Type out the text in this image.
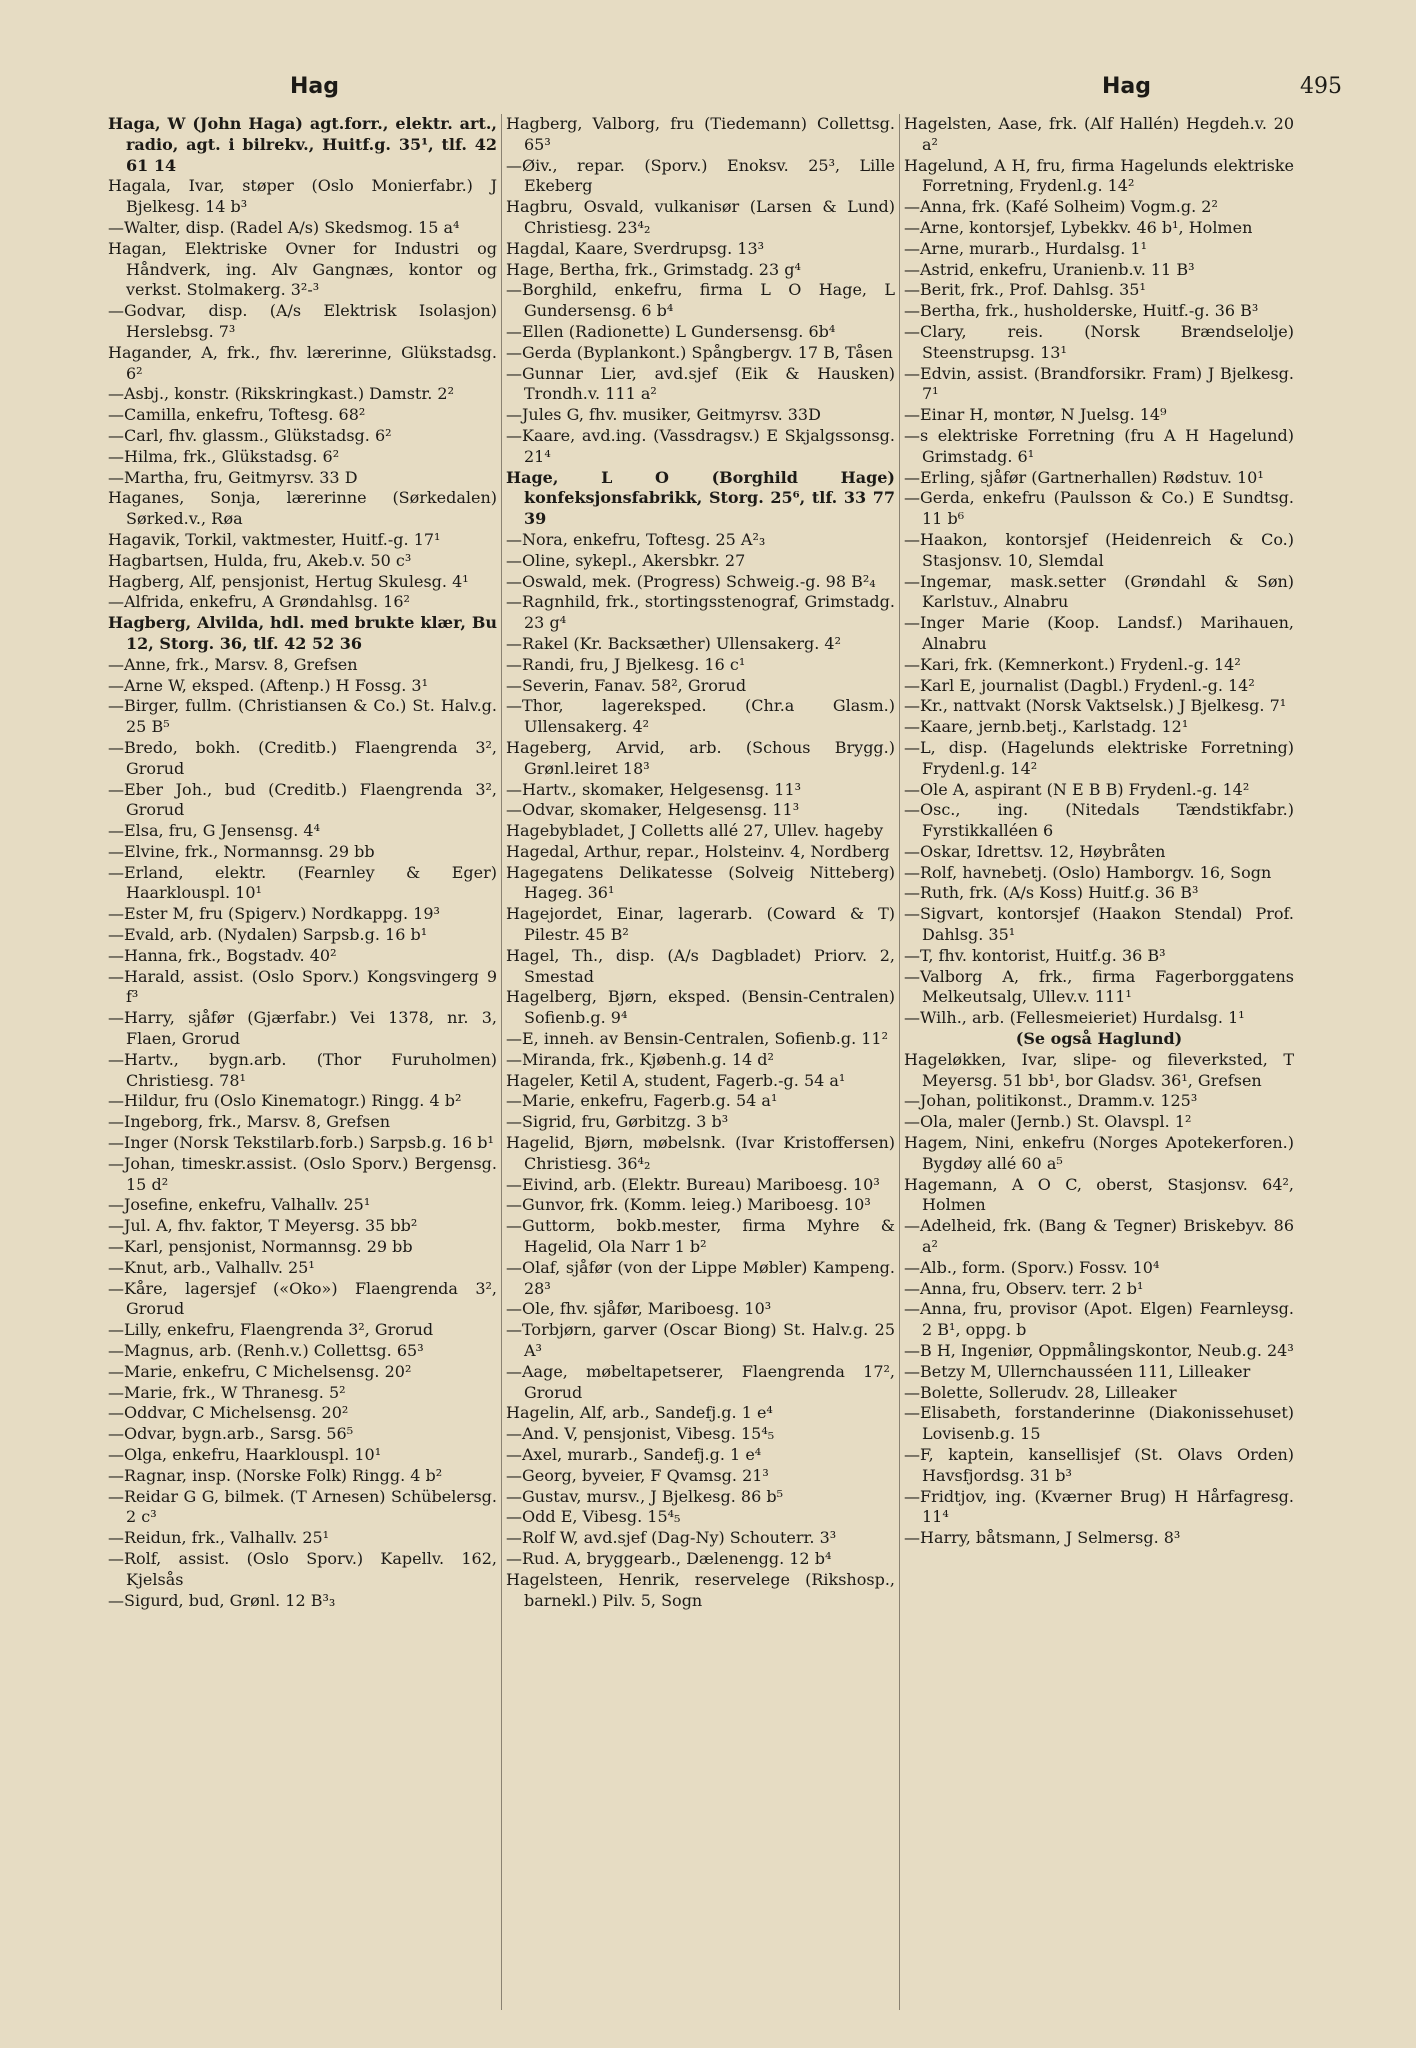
Hag	Hag	495

Haga, W (John Haga) agt.forr., elektr. art., radio, agt. i bilrekv., Huitf.g. 35¹, tlf. 42 61 14

Hagala, Ivar, støper (Oslo Monierfabr.) J Bjelkesg. 14 b³

—Walter, disp. (Radel A/s) Skedsmog. 15 a⁴

Hagan, Elektriske Ovner for Industri og Håndverk, ing. Alv Gangnæs, kontor og verkst. Stolmakerg. 3²-³

—Godvar, disp. (A/s Elektrisk Isolasjon) Herslebsg. 7³

Hagander, A, frk., fhv. lærerinne, Glükstadsg. 6²

—Asbj., konstr. (Rikskringkast.) Damstr. 2²

—Camilla, enkefru, Toftesg. 68²

—Carl, fhv. glassm., Glükstadsg. 6²

—Hilma, frk., Glükstadsg. 6²

—Martha, fru, Geitmyrsv. 33 D

Haganes, Sonja, lærerinne (Sørkedalen) Sørked.v., Røa

Hagavik, Torkil, vaktmester, Huitf.-g. 17¹

Hagbartsen, Hulda, fru, Akeb.v. 50 c³

Hagberg, Alf, pensjonist, Hertug Skulesg. 4¹

—Alfrida, enkefru, A Grøndahlsg. 16²

Hagberg, Alvilda, hdl. med brukte klær, Bu 12, Storg. 36, tlf. 42 52 36

—Anne, frk., Marsv. 8, Grefsen

—Arne W, eksped. (Aftenp.) H Fossg. 3¹

—Birger, fullm. (Christiansen & Co.) St. Halv.g. 25 B⁵

—Bredo, bokh. (Creditb.) Flaengrenda 3², Grorud

—Eber Joh., bud (Creditb.) Flaengrenda 3², Grorud

—Elsa, fru, G Jensensg. 4⁴

—Elvine, frk., Normannsg. 29 bb

—Erland, elektr. (Fearnley & Eger) Haarklouspl. 10¹

—Ester M, fru (Spigerv.) Nordkappg. 19³

—Evald, arb. (Nydalen) Sarpsb.g. 16 b¹

—Hanna, frk., Bogstadv. 40²

—Harald, assist. (Oslo Sporv.) Kongsvingerg 9 f³

—Harry, sjåfør (Gjærfabr.) Vei 1378, nr. 3, Flaen, Grorud

—Hartv., bygn.arb. (Thor Furuholmen) Christiesg. 78¹

—Hildur, fru (Oslo Kinematogr.) Ringg. 4 b²

—Ingeborg, frk., Marsv. 8, Grefsen

—Inger (Norsk Tekstilarb.forb.) Sarpsb.g. 16 b¹

—Johan, timeskr.assist. (Oslo Sporv.) Bergensg. 15 d²

—Josefine, enkefru, Valhallv. 25¹

—Jul. A, fhv. faktor, T Meyersg. 35 bb²

—Karl, pensjonist, Normannsg. 29 bb

—Knut, arb., Valhallv. 25¹

—Kåre, lagersjef («Oko») Flaengrenda 3², Grorud

—Lilly, enkefru, Flaengrenda 3², Grorud

—Magnus, arb. (Renh.v.) Collettsg. 65³

—Marie, enkefru, C Michelsensg. 20²

—Marie, frk., W Thranesg. 5²

—Oddvar, C Michelsensg. 20²

—Odvar, bygn.arb., Sarsg. 56⁵

—Olga, enkefru, Haarklouspl. 10¹

—Ragnar, insp. (Norske Folk) Ringg. 4 b²

—Reidar G G, bilmek. (T Arnesen) Schübelersg. 2 c³

—Reidun, frk., Valhallv. 25¹

—Rolf, assist. (Oslo Sporv.) Kapellv. 162, Kjelsås

—Sigurd, bud, Grønl. 12 B³₃

Hagberg, Valborg, fru (Tiedemann) Collettsg. 65³

—Øiv., repar. (Sporv.) Enoksv. 25³, Lille Ekeberg

Hagbru, Osvald, vulkanisør (Larsen & Lund) Christiesg. 23⁴₂

Hagdal, Kaare, Sverdrupsg. 13³

Hage, Bertha, frk., Grimstadg. 23 g⁴

—Borghild, enkefru, firma L O Hage, L Gundersensg. 6 b⁴

—Ellen (Radionette) L Gundersensg. 6b⁴

—Gerda (Byplankont.) Spångbergv. 17 B, Tåsen

—Gunnar Lier, avd.sjef (Eik & Hausken) Trondh.v. 111 a²

—Jules G, fhv. musiker, Geitmyrsv. 33D

—Kaare, avd.ing. (Vassdragsv.) E Skjalgssonsg. 21⁴

Hage, L O (Borghild Hage) konfeksjonsfabrikk, Storg. 25⁶, tlf. 33 77 39

—Nora, enkefru, Toftesg. 25 A²₃

—Oline, sykepl., Akersbkr. 27

—Oswald, mek. (Progress) Schweig.-g. 98 B²₄

—Ragnhild, frk., stortingsstenograf, Grimstadg. 23 g⁴

—Rakel (Kr. Backsæther) Ullensakerg. 4²

—Randi, fru, J Bjelkesg. 16 c¹

—Severin, Fanav. 58², Grorud

—Thor, lagereksped. (Chr.a Glasm.) Ullensakerg. 4²

Hageberg, Arvid, arb. (Schous Brygg.) Grønl.leiret 18³

—Hartv., skomaker, Helgesensg. 11³

—Odvar, skomaker, Helgesensg. 11³

Hagebybladet, J Colletts allé 27, Ullev. hageby

Hagedal, Arthur, repar., Holsteinv. 4, Nordberg

Hagegatens Delikatesse (Solveig Nitteberg) Hageg. 36¹

Hagejordet, Einar, lagerarb. (Coward & T) Pilestr. 45 B²

Hagel, Th., disp. (A/s Dagbladet) Priorv. 2, Smestad

Hagelberg, Bjørn, eksped. (Bensin-Centralen) Sofienb.g. 9⁴

—E, inneh. av Bensin-Centralen, Sofienb.g. 11²

—Miranda, frk., Kjøbenh.g. 14 d²

Hageler, Ketil A, student, Fagerb.-g. 54 a¹

—Marie, enkefru, Fagerb.g. 54 a¹

—Sigrid, fru, Gørbitzg. 3 b³

Hagelid, Bjørn, møbelsnk. (Ivar Kristoffersen) Christiesg. 36⁴₂

—Eivind, arb. (Elektr. Bureau) Mariboesg. 10³

—Gunvor, frk. (Komm. leieg.) Mariboesg. 10³

—Guttorm, bokb.mester, firma Myhre & Hagelid, Ola Narr 1 b²

—Olaf, sjåfør (von der Lippe Møbler) Kampeng. 28³

—Ole, fhv. sjåfør, Mariboesg. 10³

—Torbjørn, garver (Oscar Biong) St. Halv.g. 25 A³

—Aage, møbeltapetserer, Flaengrenda 17², Grorud

Hagelin, Alf, arb., Sandefj.g. 1 e⁴

—And. V, pensjonist, Vibesg. 15⁴₅

—Axel, murarb., Sandefj.g. 1 e⁴

—Georg, byveier, F Qvamsg. 21³

—Gustav, mursv., J Bjelkesg. 86 b⁵

—Odd E, Vibesg. 15⁴₅

—Rolf W, avd.sjef (Dag-Ny) Schouterr. 3³

—Rud. A, bryggearb., Dælenengg. 12 b⁴

Hagelsteen, Henrik, reservelege (Rikshosp., barnekl.) Pilv. 5, Sogn

Hagelsten, Aase, frk. (Alf Hallén) Hegdeh.v. 20 a²

Hagelund, A H, fru, firma Hagelunds elektriske Forretning, Frydenl.g. 14²

—Anna, frk. (Kafé Solheim) Vogm.g. 2²

—Arne, kontorsjef, Lybekkv. 46 b¹, Holmen

—Arne, murarb., Hurdalsg. 1¹

—Astrid, enkefru, Uranienb.v. 11 B³

—Berit, frk., Prof. Dahlsg. 35¹

—Bertha, frk., husholderske, Huitf.-g. 36 B³

—Clary, reis. (Norsk Brændselolje) Steenstrupsg. 13¹

—Edvin, assist. (Brandforsikr. Fram) J Bjelkesg. 7¹

—Einar H, montør, N Juelsg. 14⁹

—s elektriske Forretning (fru A H Hagelund) Grimstadg. 6¹

—Erling, sjåfør (Gartnerhallen) Rødstuv. 10¹

—Gerda, enkefru (Paulsson & Co.) E Sundtsg. 11 b⁶

—Haakon, kontorsjef (Heidenreich & Co.) Stasjonsv. 10, Slemdal

—Ingemar, mask.setter (Grøndahl & Søn) Karlstuv., Alnabru

—Inger Marie (Koop. Landsf.) Marihauen, Alnabru

—Kari, frk. (Kemnerkont.) Frydenl.-g. 14²

—Karl E, journalist (Dagbl.) Frydenl.-g. 14²

—Kr., nattvakt (Norsk Vaktselsk.) J Bjelkesg. 7¹

—Kaare, jernb.betj., Karlstadg. 12¹

—L, disp. (Hagelunds elektriske Forretning) Frydenl.g. 14²

—Ole A, aspirant (N E B B) Frydenl.-g. 14²

—Osc., ing. (Nitedals Tændstikfabr.) Fyrstikkalléen 6

—Oskar, Idrettsv. 12, Høybråten

—Rolf, havnebetj. (Oslo) Hamborgv. 16, Sogn

—Ruth, frk. (A/s Koss) Huitf.g. 36 B³

—Sigvart, kontorsjef (Haakon Stendal) Prof. Dahlsg. 35¹

—T, fhv. kontorist, Huitf.g. 36 B³

—Valborg A, frk., firma Fagerborggatens Melkeutsalg, Ullev.v. 111¹

—Wilh., arb. (Fellesmeieriet) Hurdalsg. 1¹

(Se også Haglund)

Hageløkken, Ivar, slipe- og fileverksted, T Meyersg. 51 bb¹, bor Gladsv. 36¹, Grefsen

—Johan, politikonst., Dramm.v. 125³

—Ola, maler (Jernb.) St. Olavspl. 1²

Hagem, Nini, enkefru (Norges Apotekerforen.) Bygdøy allé 60 a⁵

Hagemann, A O C, oberst, Stasjonsv. 64², Holmen

—Adelheid, frk. (Bang & Tegner) Briskebyv. 86 a²

—Alb., form. (Sporv.) Fossv. 10⁴

—Anna, fru, Observ. terr. 2 b¹

—Anna, fru, provisor (Apot. Elgen) Fearnleysg. 2 B¹, oppg. b

—B H, Ingeniør, Oppmålingskontor, Neub.g. 24³

—Betzy M, Ullernchausséen 111, Lilleaker

—Bolette, Sollerudv. 28, Lilleaker

—Elisabeth, forstanderinne (Diakonissehuset) Lovisenb.g. 15

—F, kaptein, kansellisjef (St. Olavs Orden) Havsfjordsg. 31 b³

—Fridtjov, ing. (Kværner Brug) H Hårfagresg. 11⁴

—Harry, båtsmann, J Selmersg. 8³
